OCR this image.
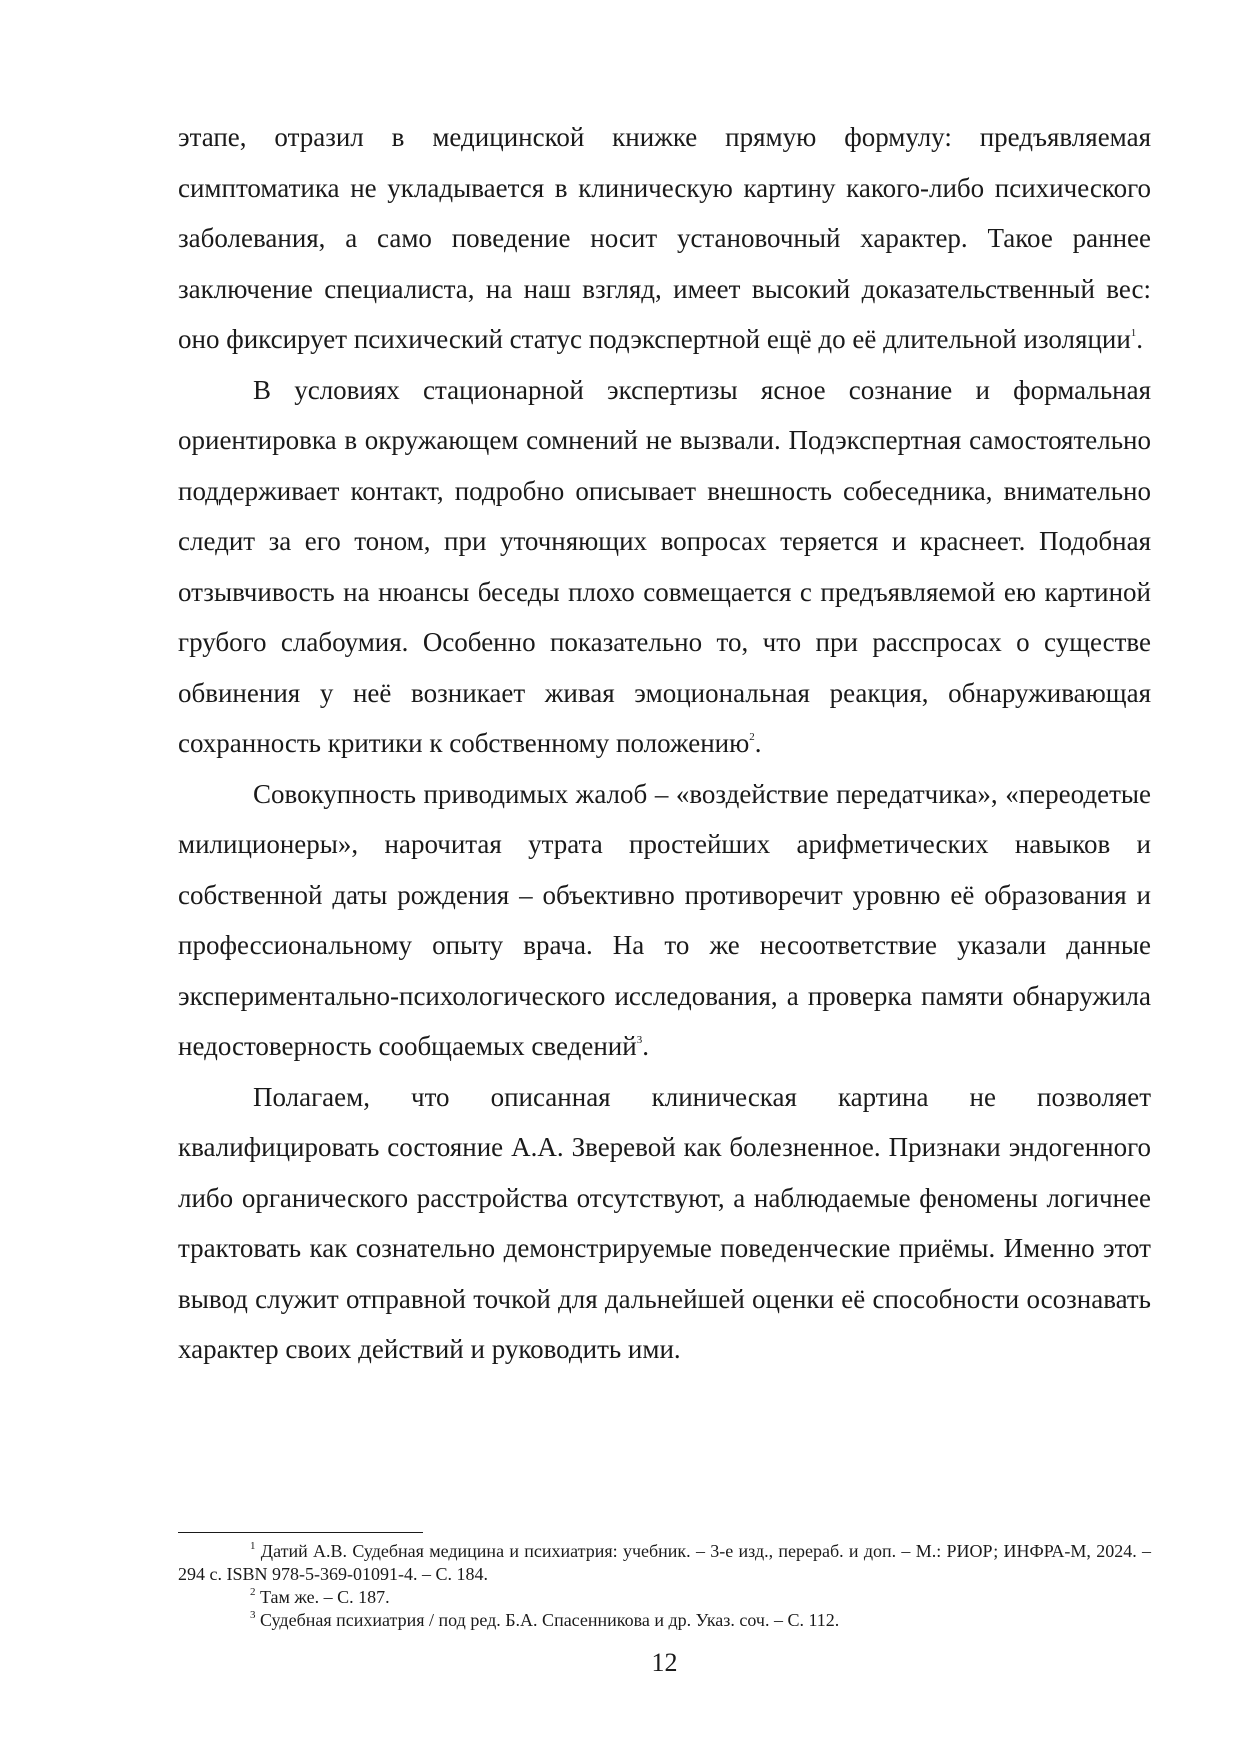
этапе, отразил в медицинской книжке прямую формулу: предъявляемая симптоматика не укладывается в клиническую картину какого-либо психического заболевания, а само поведение носит установочный характер. Такое раннее заключение специалиста, на наш взгляд, имеет высокий доказательственный вес: оно фиксирует психический статус подэкспертной ещё до её длительной изоляции$^1$.

В условиях стационарной экспертизы ясное сознание и формальная ориентировка в окружающем сомнений не вызвали. Подэкспертная самостоятельно поддерживает контакт, подробно описывает внешность собеседника, внимательно следит за его тоном, при уточняющих вопросах теряется и краснеет. Подобная отзывчивость на нюансы беседы плохо совмещается с предъявляемой ею картиной грубого слабоумия. Особенно показательно то, что при расспросах о существе обвинения у неё возникает живая эмоциональная реакция, обнаруживающая сохранность критики к собственному положению$^2$.

Совокупность приводимых жалоб – «воздействие передатчика», «переодетые милиционеры», нарочитая утрата простейших арифметических навыков и собственной даты рождения – объективно противоречит уровню её образования и профессиональному опыту врача. На то же несоответствие указали данные экспериментально-психологического исследования, а проверка памяти обнаружила недостоверность сообщаемых сведений$^3$.

Полагаем, что описанная клиническая картина не позволяет квалифицировать состояние А.А. Зверевой как болезненное. Признаки эндогенного либо органического расстройства отсутствуют, а наблюдаемые феномены логичнее трактовать как сознательно демонстрируемые поведенческие приёмы. Именно этот вывод служит отправной точкой для дальнейшей оценки её способности осознавать характер своих действий и руководить ими.

$^1$ Датий А.В. Судебная медицина и психиатрия: учебник. – 3-е изд., перераб. и доп. – М.: РИОР; ИНФРА-М, 2024. – 294 с. ISBN 978-5-369-01091-4. – С. 184.

$^2$ Там же. – С. 187.

$^3$ Судебная психиатрия / под ред. Б.А. Спасенникова и др. Указ. соч. – С. 112.

12
